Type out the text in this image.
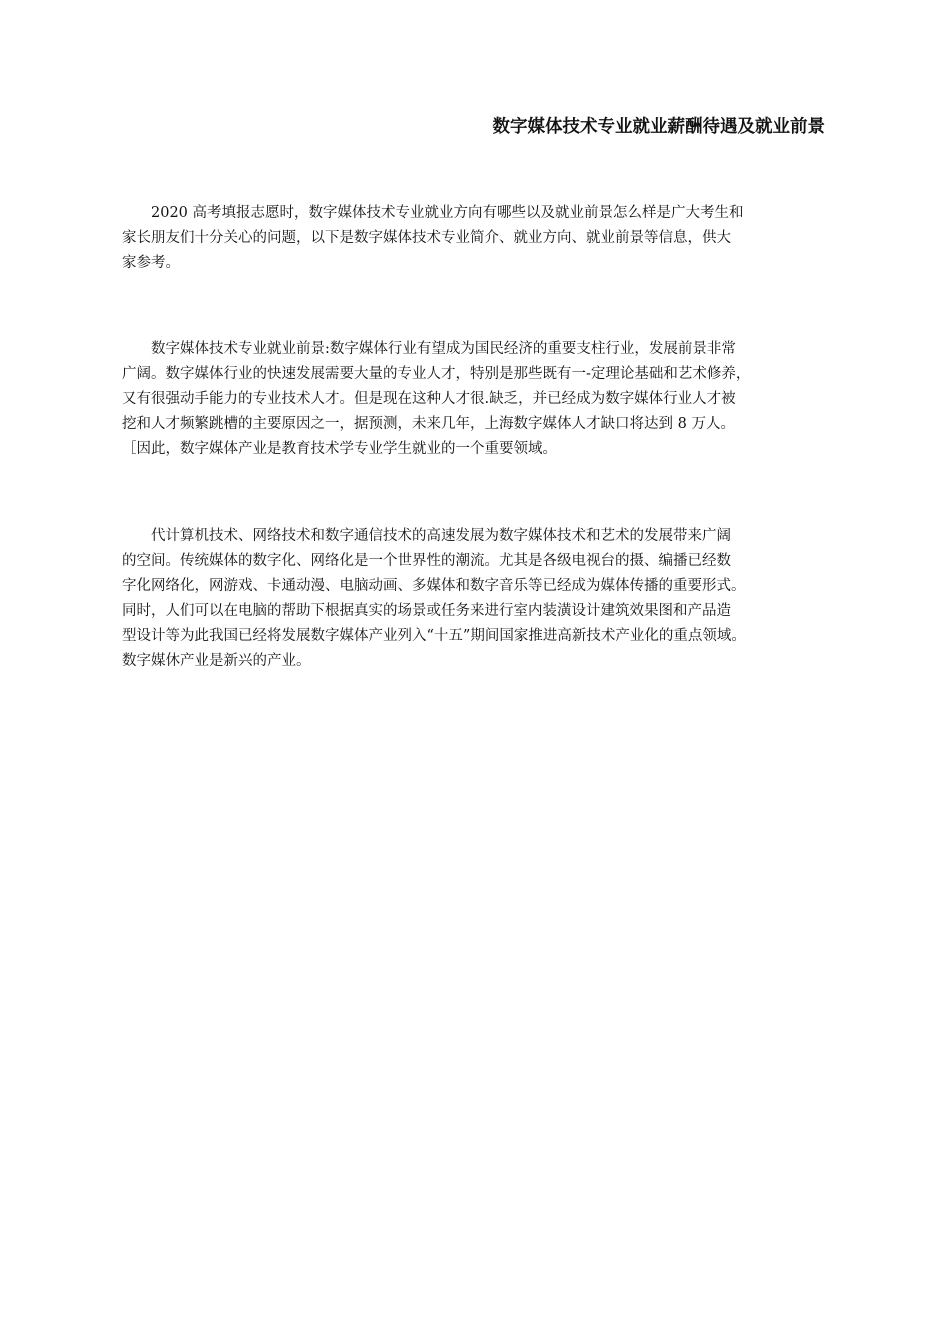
数字媒体技术专业就业薪酬待遇及就业前景

　　2020 高考填报志愿时，数字媒体技术专业就业方向有哪些以及就业前景怎么样是广大考生和
家长朋友们十分关心的问题，以下是数字媒体技术专业简介、就业方向、就业前景等信息，供大
家参考。

　　数字媒体技术专业就业前景:数字媒体行业有望成为国民经济的重要支柱行业，发展前景非常
广阔。数字媒体行业的快速发展需要大量的专业人才，特别是那些既有一-定理论基础和艺术修养，
又有很强动手能力的专业技术人才。但是现在这种人才很.缺乏，并已经成为数字媒体行业人才被
挖和人才频繁跳槽的主要原因之一，据预测，未来几年，上海数字媒体人才缺口将达到 8 万人。
［因此，数字媒体产业是教育技术学专业学生就业的一个重要领域。

　　代计算机技术、网络技术和数字通信技术的高速发展为数字媒体技术和艺术的发展带来广阔
的空间。传统媒体的数字化、网络化是一个世界性的潮流。尤其是各级电视台的摄、编播已经数
字化网络化，网游戏、卡通动漫、电脑动画、多媒体和数字音乐等已经成为媒体传播的重要形式。
同时，人们可以在电脑的帮助下根据真实的场景或任务来进行室内装潢设计建筑效果图和产品造
型设计等为此我国已经将发展数字媒体产业列入“十五”期间国家推进高新技术产业化的重点领域。
数字媒休产业是新兴的产业。
